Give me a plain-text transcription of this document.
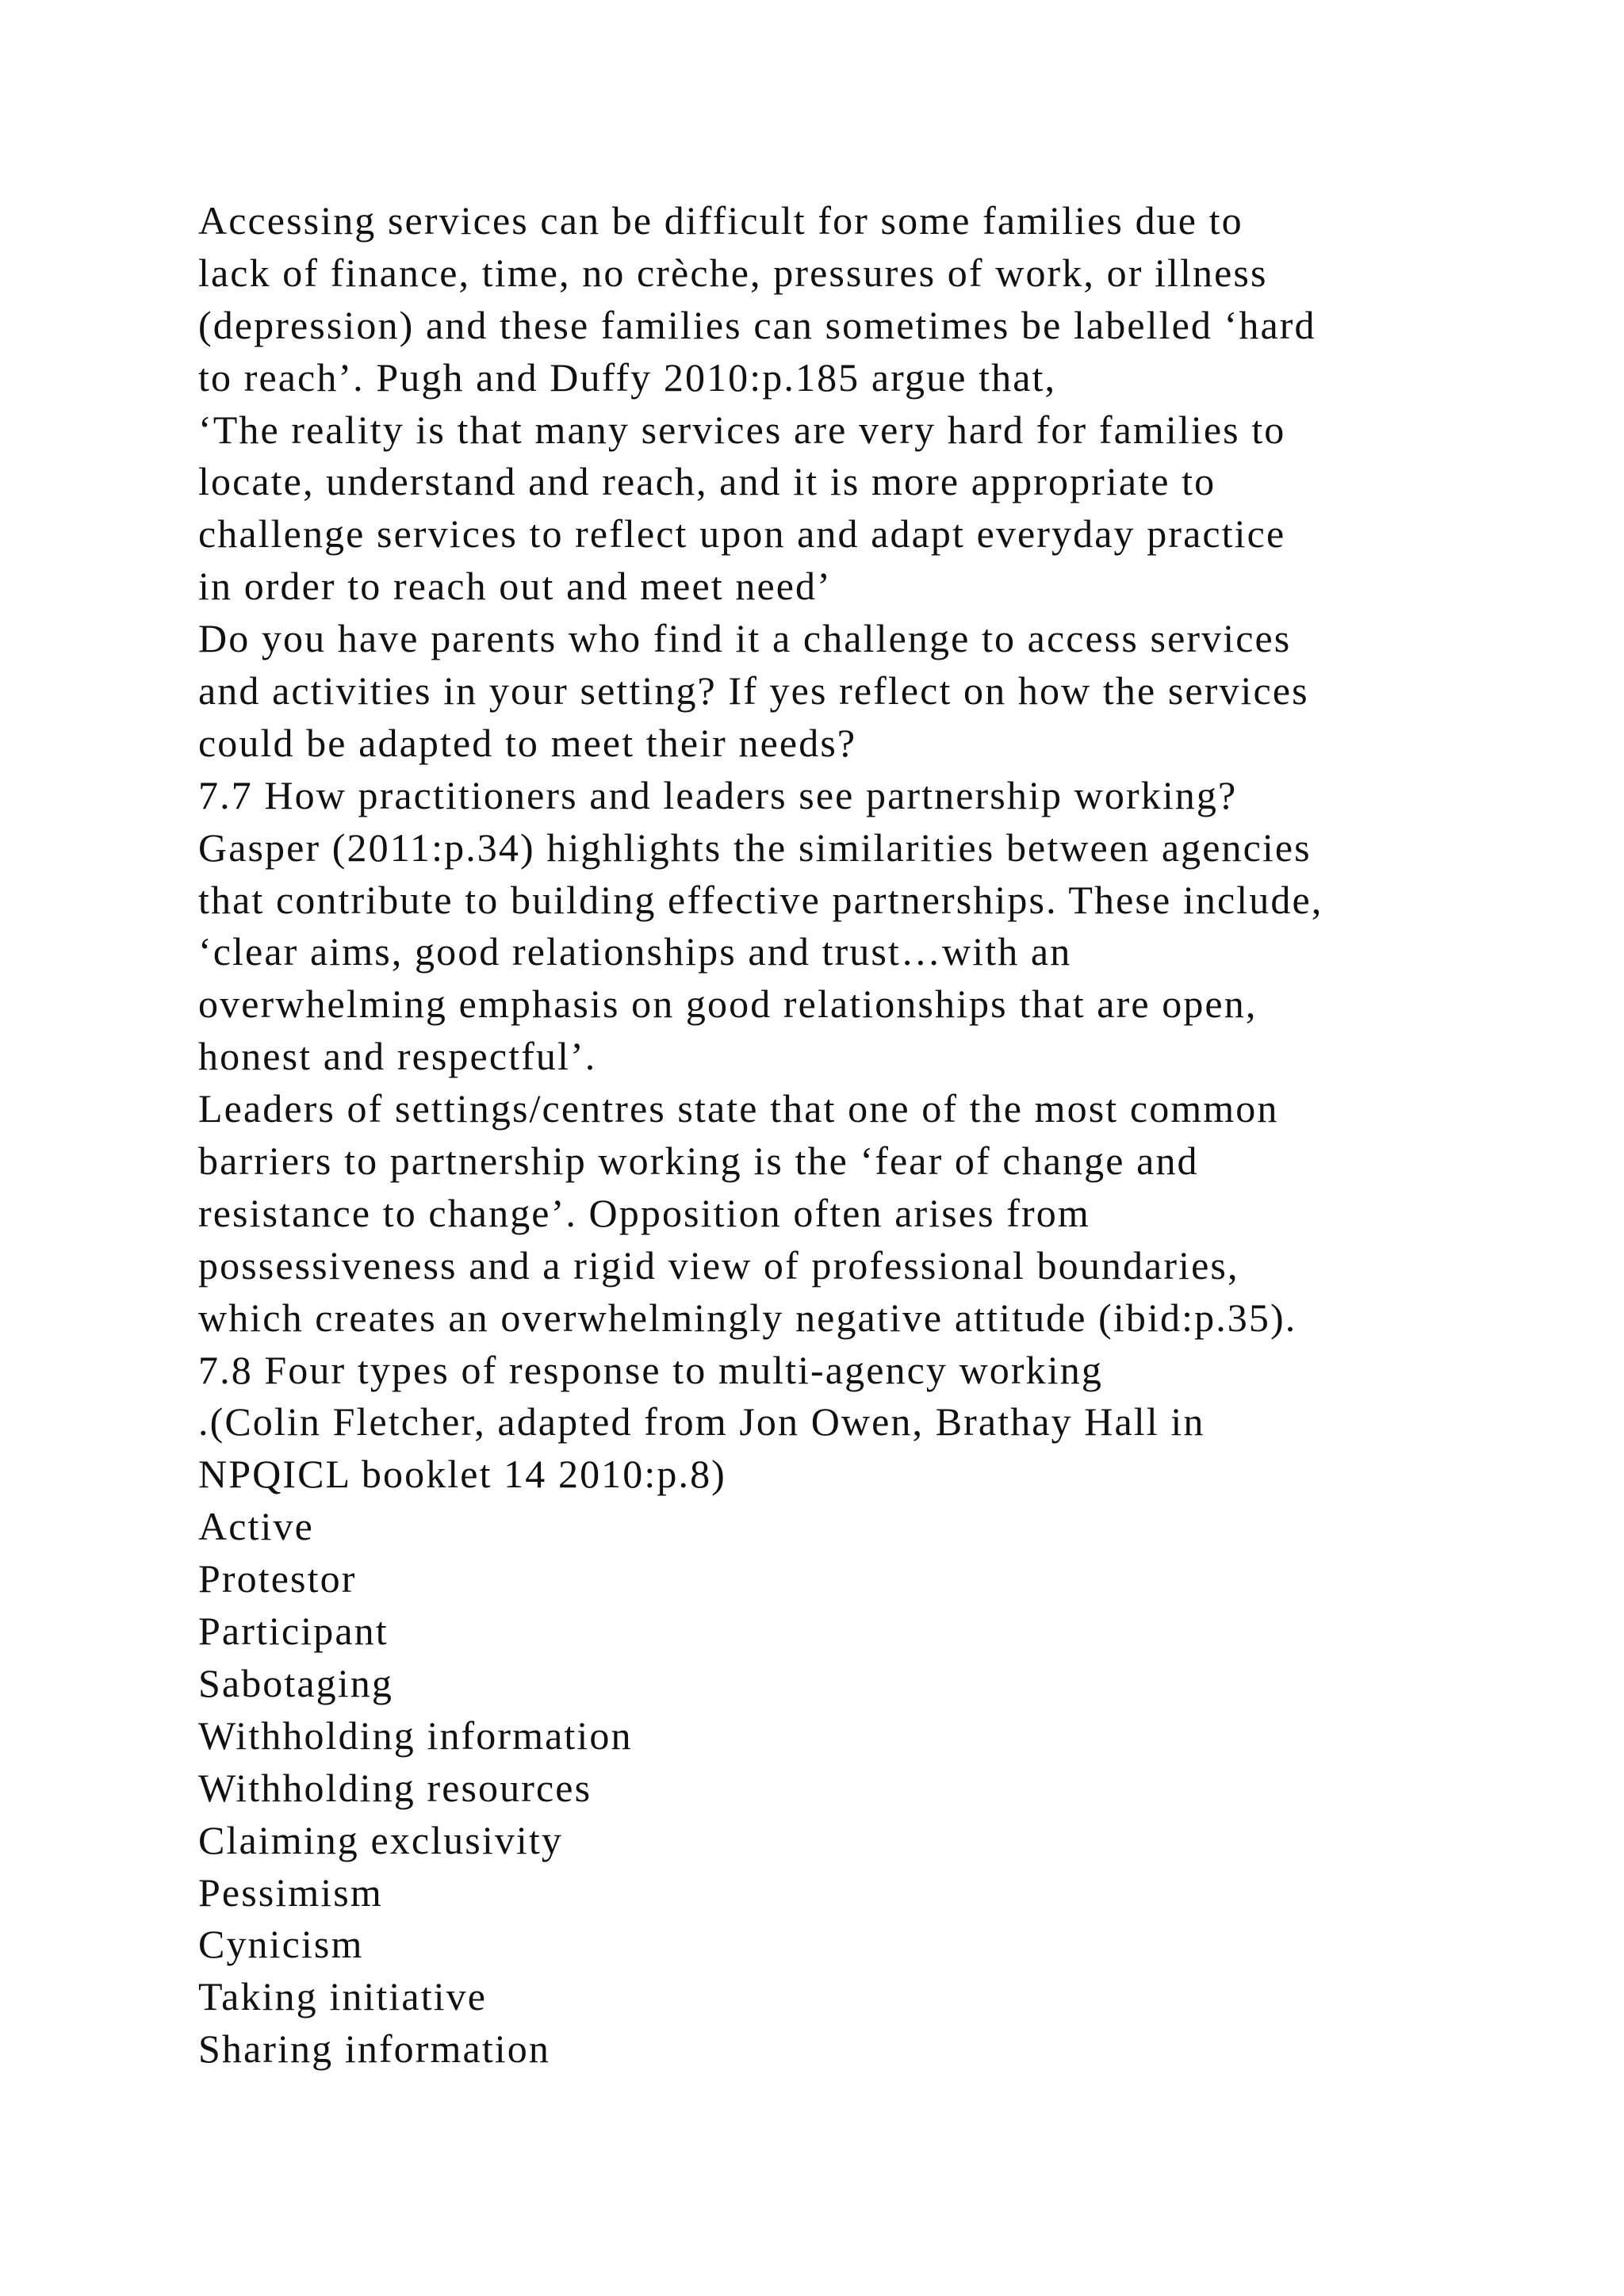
Accessing services can be difficult for some families due to
lack of finance, time, no crèche, pressures of work, or illness
(depression) and these families can sometimes be labelled ‘hard
to reach’. Pugh and Duffy 2010:p.185 argue that,
‘The reality is that many services are very hard for families to
locate, understand and reach, and it is more appropriate to
challenge services to reflect upon and adapt everyday practice
in order to reach out and meet need’
Do you have parents who find it a challenge to access services
and activities in your setting? If yes reflect on how the services
could be adapted to meet their needs?
7.7 How practitioners and leaders see partnership working?
Gasper (2011:p.34) highlights the similarities between agencies
that contribute to building effective partnerships. These include,
‘clear aims, good relationships and trust…with an
overwhelming emphasis on good relationships that are open,
honest and respectful’.
Leaders of settings/centres state that one of the most common
barriers to partnership working is the ‘fear of change and
resistance to change’. Opposition often arises from
possessiveness and a rigid view of professional boundaries,
which creates an overwhelmingly negative attitude (ibid:p.35).
7.8 Four types of response to multi-agency working
.(Colin Fletcher, adapted from Jon Owen, Brathay Hall in
NPQICL booklet 14 2010:p.8)
Active
Protestor
Participant
Sabotaging
Withholding information
Withholding resources
Claiming exclusivity
Pessimism
Cynicism
Taking initiative
Sharing information
